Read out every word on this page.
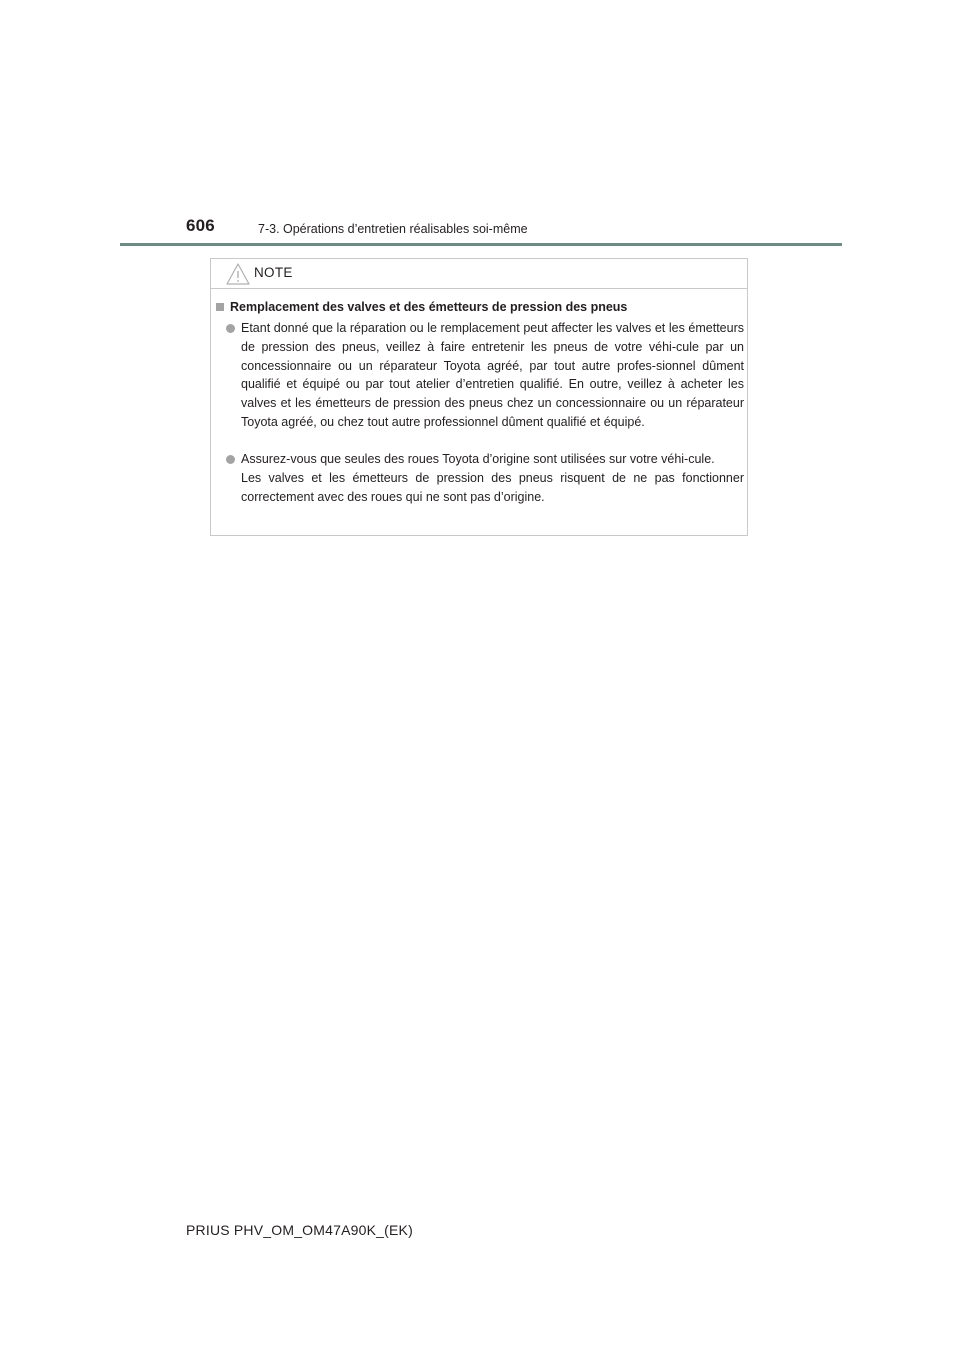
606	7-3. Opérations d’entretien réalisables soi-même
NOTE
Remplacement des valves et des émetteurs de pression des pneus

Etant donné que la réparation ou le remplacement peut affecter les valves et les émetteurs de pression des pneus, veillez à faire entretenir les pneus de votre véhi-cule par un concessionnaire ou un réparateur Toyota agréé, par tout autre profes-sionnel dûment qualifié et équipé ou par tout atelier d’entretien qualifié. En outre, veillez à acheter les valves et les émetteurs de pression des pneus chez un concessionnaire ou un réparateur Toyota agréé, ou chez tout autre professionnel dûment qualifié et équipé.

Assurez-vous que seules des roues Toyota d’origine sont utilisées sur votre véhi-cule.

Les valves et les émetteurs de pression des pneus risquent de ne pas fonctionner correctement avec des roues qui ne sont pas d’origine.

PRIUS PHV_OM_OM47A90K_(EK)
